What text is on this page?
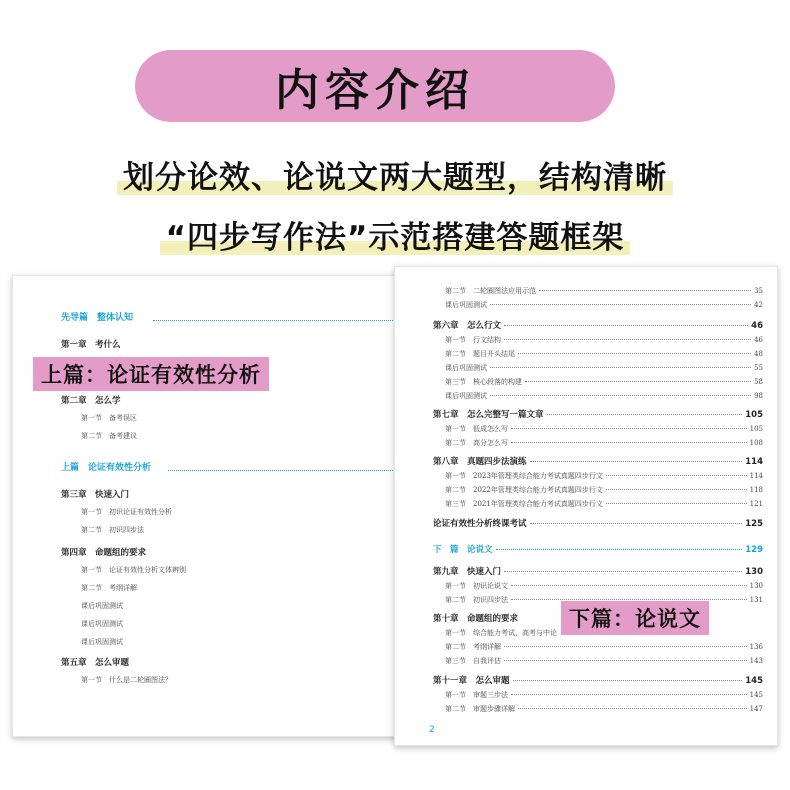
内容介绍
划分论效、论说文两大题型，结构清晰
“四步写作法”示范搭建答题框架
先导篇　整体认知
第一章　考什么
第二章　怎么学
第一节　备考误区
第二节　备考建议
上篇　论证有效性分析
第三章　快速入门
第一节　初识论证有效性分析
第二节　初识四步法
第四章　命题组的要求
第一节　论证有效性分析文体辨别
第二节　考纲详解
课后巩固测试
课后巩固测试
课后巩固测试
第五章　怎么审题
第一节　什么是二轮圈图法？
第二节　二轮圈图法应用示范	35
课后巩固测试	42
第六章　怎么行文	46
第一节　行文结构	46
第二节　题目开头结尾	48
课后巩固测试	55
第三节　核心段落的构建	58
课后巩固测试	98
第七章　怎么完整写一篇文章	105
第一节　低成怎么写	105
第二节　高分怎么写	108
第八章　真题四步法演练	114
第一节　2023年管理类综合能力考试真题四步行文	114
第二节　2022年管理类综合能力考试真题四步行文	118
第三节　2021年管理类综合能力考试真题四步行文	121
论证有效性分析终课考试	125
下　篇　论说文	129
第九章　快速入门	130
第一节　初识论说文	130
第二节　初识四步法	131
第十章　命题组的要求
第一节　综合能力考试，高考与中论
第二节　考纲详解	136
第三节　自我评估	143
第十一章　怎么审题	145
第一节　审题三步法	145
第二节　审题步骤详解	147
2
上篇：论证有效性分析
下篇：论说文
